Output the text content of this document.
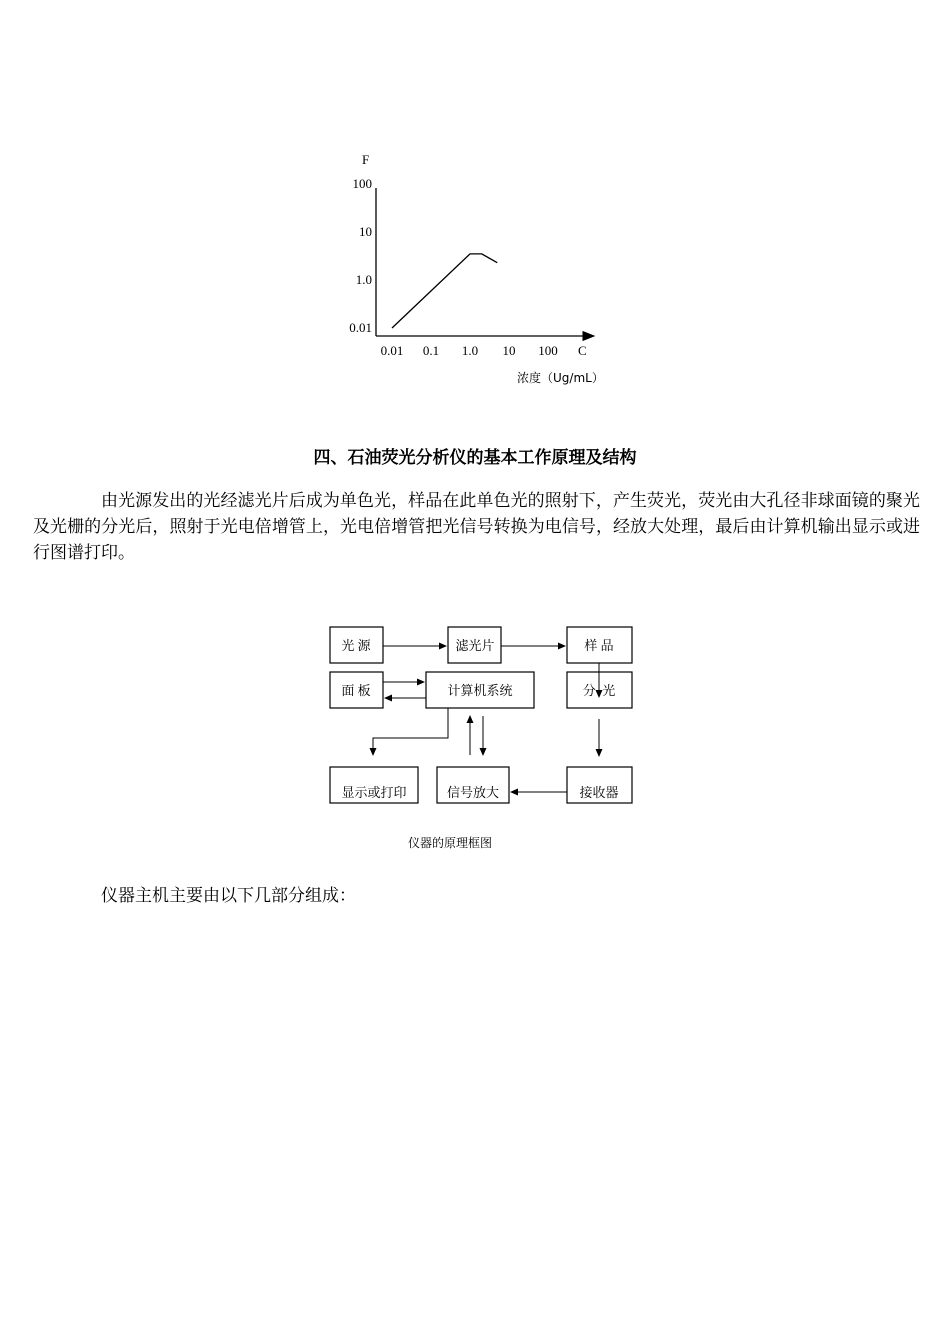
F
0.01
1.0
10
100
0.01 0.1 1.0 10 100 C
浓度（Ug/mL）
四、石油荧光分析仪的基本工作原理及结构
由光源发出的光经滤光片后成为单色光，样品在此单色光的照射下，产生荧光，荧光由大孔径非球面镜的聚光及光栅的分光后，照射于光电倍增管上，光电倍增管把光信号转换为电信号，经放大处理，最后由计算机输出显示或进行图谱打印。
光 源	滤光片	样 品
面 板	计算机系统	分  光
显示或打印	信号放大	接收器
仪器的原理框图
仪器主机主要由以下几部分组成：
